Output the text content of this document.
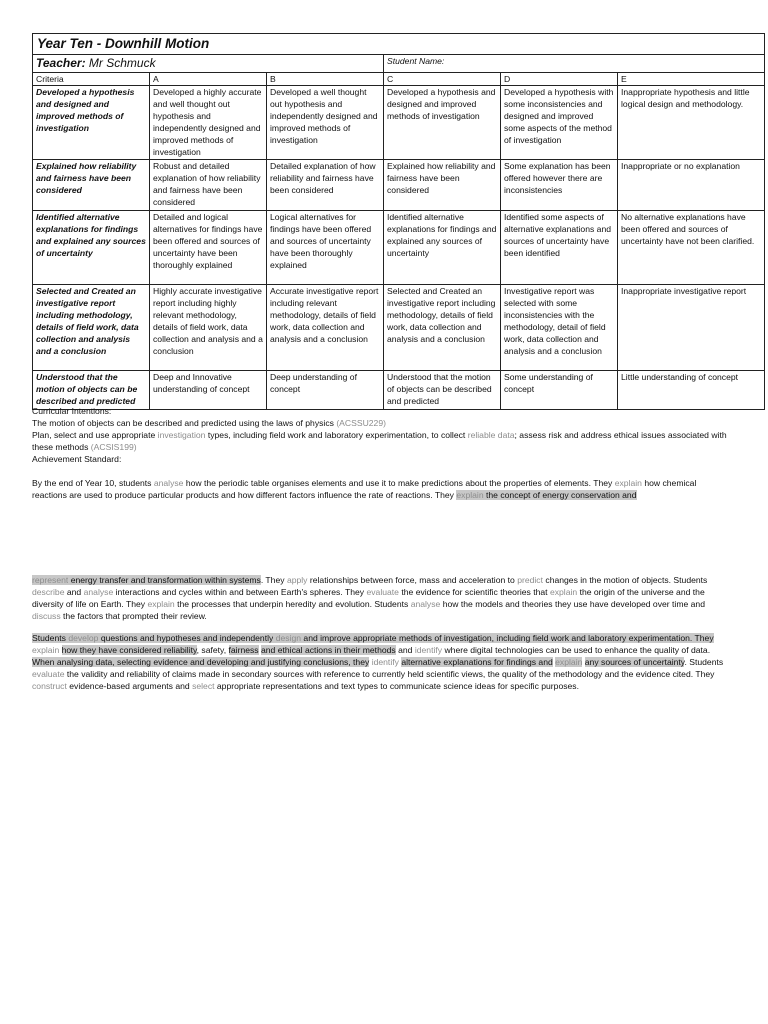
Year Ten - Downhill Motion					
Teacher: Mr Schmuck			Student Name:		
Criteria	A	B	C	D	E
Developed a hypothesis and designed and improved methods of investigation	Developed a highly accurate and well thought out hypothesis and independently designed and improved methods of investigation	Developed a well thought out hypothesis and independently designed and improved methods of investigation	Developed a hypothesis and designed and improved methods of investigation	Developed a hypothesis with some inconsistencies and designed and improved some aspects of the method of investigation	Inappropriate hypothesis and little logical design and methodology.
Explained how reliability and fairness have been considered	Robust and detailed explanation of how reliability and fairness have been considered	Detailed explanation of how reliability and fairness have been considered	Explained how reliability and fairness have been considered	Some explanation has been offered however there are inconsistencies	Inappropriate or no explanation
Identified alternative explanations for findings and explained any sources of uncertainty	Detailed and logical alternatives for findings have been offered and sources of uncertainty have been thoroughly explained	Logical alternatives for findings have been offered and sources of uncertainty have been thoroughly explained	Identified alternative explanations for findings and explained any sources of uncertainty	Identified some aspects of alternative explanations and sources of uncertainty have been identified	No alternative explanations have been offered and sources of uncertainty have not been clarified.
Selected and Created an investigative report including methodology, details of field work, data collection and analysis and a conclusion	Highly accurate investigative report including highly relevant methodology, details of field work, data collection and analysis and a conclusion	Accurate investigative report including relevant methodology, details of field work, data collection and analysis and a conclusion	Selected and Created an investigative report including methodology, details of field work, data collection and analysis and a conclusion	Investigative report was selected with some inconsistencies with the methodology, detail of field work, data collection and analysis and a conclusion	Inappropriate investigative report
Understood that the motion of objects can be described and predicted	Deep and Innovative understanding of concept	Deep understanding of concept	Understood that the motion of objects can be described and predicted	Some understanding of concept	Little understanding of concept

Curricular Intentions:

The motion of objects can be described and predicted using the laws of physics (ACSSU229)

Plan, select and use appropriate investigation types, including field work and laboratory experimentation, to collect reliable data; assess risk and address ethical issues associated with these methods (ACSIS199)

Achievement Standard:

By the end of Year 10, students analyse how the periodic table organises elements and use it to make predictions about the properties of elements. They explain how chemical reactions are used to produce particular products and how different factors influence the rate of reactions. They explain the concept of energy conservation and

represent energy transfer and transformation within systems. They apply relationships between force, mass and acceleration to predict changes in the motion of objects. Students describe and analyse interactions and cycles within and between Earth's spheres. They evaluate the evidence for scientific theories that explain the origin of the universe and the diversity of life on Earth. They explain the processes that underpin heredity and evolution. Students analyse how the models and theories they use have developed over time and discuss the factors that prompted their review.

Students develop questions and hypotheses and independently design and improve appropriate methods of investigation, including field work and laboratory experimentation. They explain how they have considered reliability, safety, fairness and ethical actions in their methods and identify where digital technologies can be used to enhance the quality of data. When analysing data, selecting evidence and developing and justifying conclusions, they identify alternative explanations for findings and explain any sources of uncertainty. Students evaluate the validity and reliability of claims made in secondary sources with reference to currently held scientific views, the quality of the methodology and the evidence cited. They construct evidence-based arguments and select appropriate representations and text types to communicate science ideas for specific purposes.
